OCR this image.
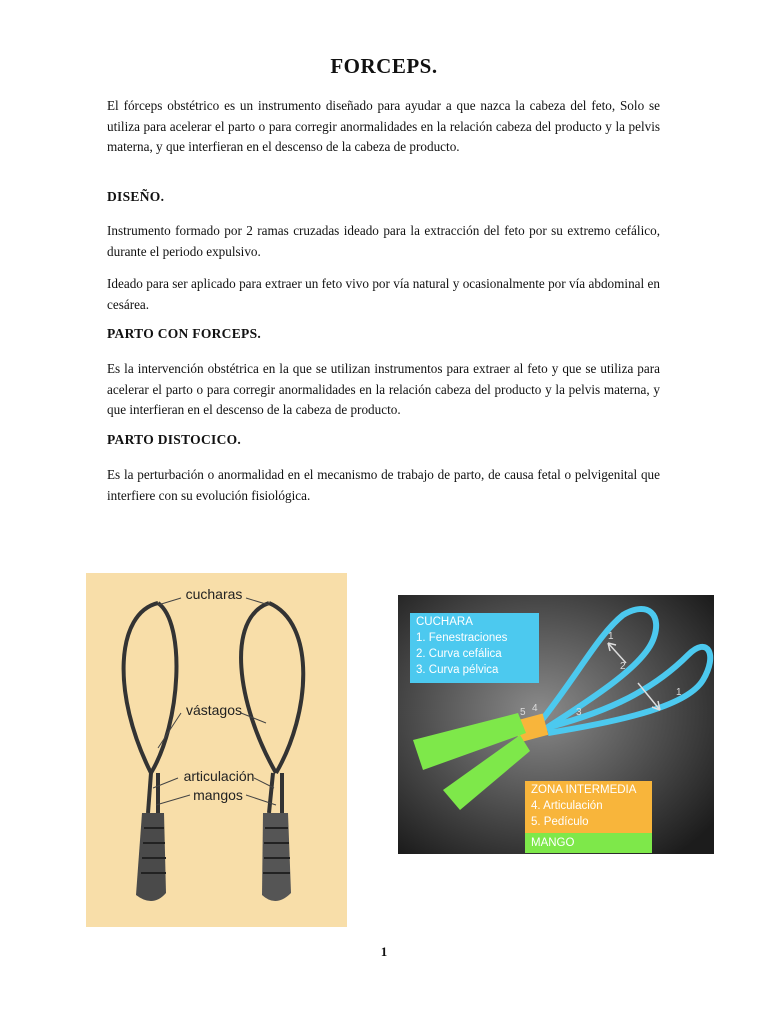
FORCEPS.

El fórceps obstétrico es un instrumento diseñado para ayudar a que nazca la cabeza del feto, Solo se utiliza para acelerar el parto o para corregir anormalidades en la relación cabeza del producto y la pelvis materna, y que interfieran en el descenso de la cabeza de producto.

DISEÑO.

Instrumento formado por 2 ramas cruzadas ideado para la extracción del feto por su extremo cefálico, durante el periodo expulsivo.

Ideado para ser aplicado para extraer un feto vivo por vía natural y ocasionalmente por vía abdominal en cesárea.

PARTO CON FORCEPS.

Es la intervención obstétrica en la que se utilizan instrumentos para extraer al feto y que se utiliza para acelerar el parto o para corregir anormalidades en la relación cabeza del producto y la pelvis materna, y que interfieran en el descenso de la cabeza de producto.

PARTO DISTOCICO.

Es la perturbación o anormalidad en el mecanismo de trabajo de parto, de causa fetal o pelvigenital que interfiere con su evolución fisiológica.

cucharas
vástagos
articulación
mangos
1
2
1
3
4
5
CUCHARA
1. Fenestraciones
2. Curva cefálica
3. Curva pélvica
ZONA INTERMEDIA
4. Articulación
5. Pedículo
MANGO
1
